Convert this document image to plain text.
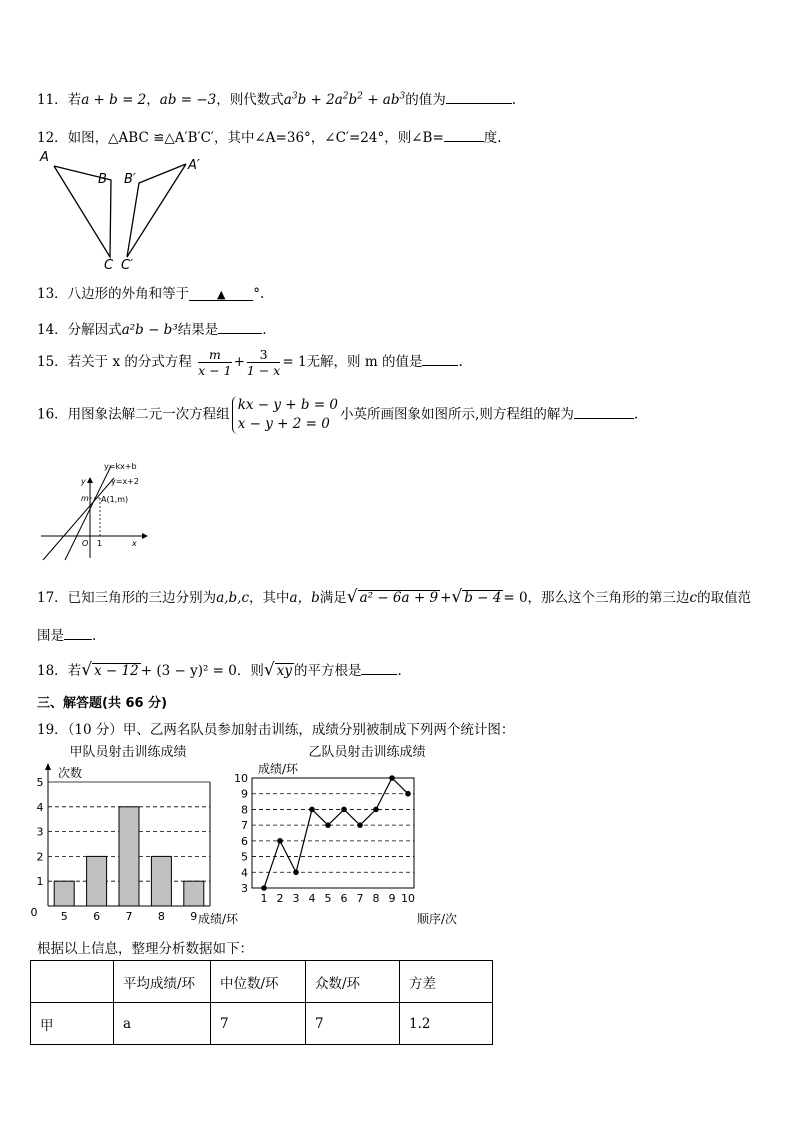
11．若a + b = 2，ab = −3，则代数式$a^3b + 2a^2b^2 + ab^3$的值为	.
12．如图，△ABC ≌△A′B′C′，其中∠A=36°，∠C′=24°，则∠B=	度.
A
B
C
B′
A′
C′
13．八边形的外角和等于	▲ °.
14．分解因式a²b − b³结果是	.
15．若关于 x 的分式方程 $\frac{m}{x - 1} + \frac{3}{1 - x} = 1$无解，则 m 的值是	.
16．用图象法解二元一次方程组
kx − y + b = 0
x − y + 2 = 0
小英所画图象如图所示,则方程组的解为	.
y=kx+b
y=x+2
y
m A(1,m)
O 1	x
17．已知三角形的三边分别为a,b,c，其中a，b满足√ a² − 6a + 9 +√ b − 4 = 0，那么这个三角形的第三边c的取值范
围是 .
18．若√ x − 12 + (3 − y)² = 0．则√ xy 的平方根是	.
三、解答题(共 66 分)
19．（10 分）甲、乙两名队员参加射击训练，成绩分别被制成下列两个统计图：
甲队员射击训练成绩
次数
成绩/环
0
1
2
3
4
5
5 6 7 8 9
乙队员射击训练成绩
成绩/环
顺序/次
3
4
5
6
7
8
9
10
1 2 3 4 5 6 7 8 9 10
根据以上信息，整理分析数据如下：
	平均成绩/环	中位数/环	众数/环	方差
甲	a	7	7	1.2
